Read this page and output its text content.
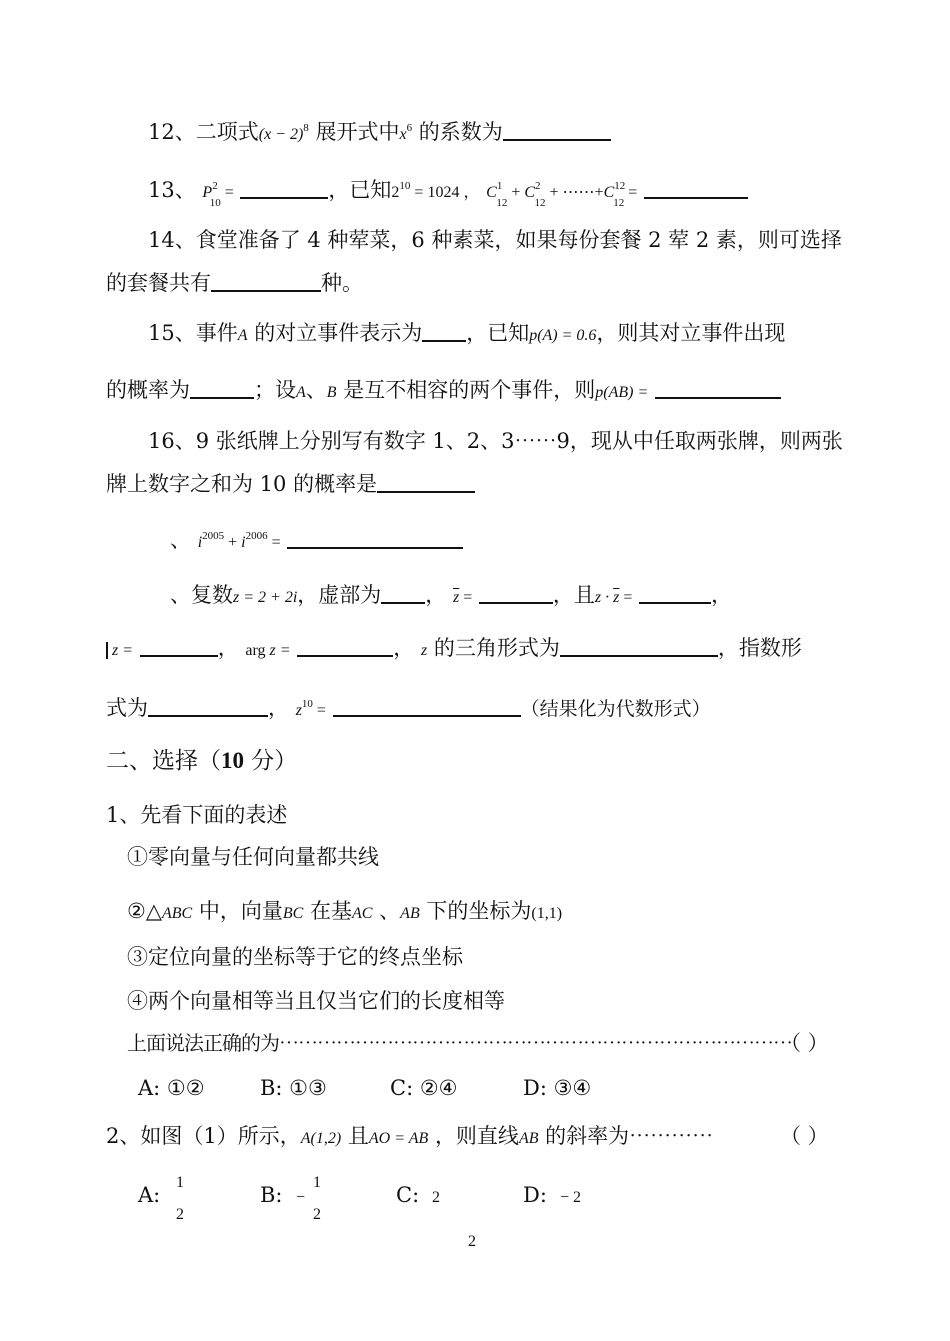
12、二项式$(x - 2)^8$ 展开式中$x^6$ 的系数为
13、 $P^2_{10}$ =	，已知$2^{10} = 1024$ ， $C^1_{12} + C^2_{12}$ + $\cdots\cdots+C^{12}_{12}$ =
14、食堂准备了 4 种荤菜，6 种素菜，如果每份套餐 2 荤 2 素，则可选择
的套餐共有	种。
15、事件A 的对立事件表示为 ，已知p(A) = 0.6，则其对立事件出现
的概率为	；设A、B 是互不相容的两个事件，则p(AB) =
16、9 张纸牌上分别写有数字 1、2、3⋯⋯9，现从中任取两张牌，则两张
牌上数字之和为 10 的概率是
、 $i^{2005} + i^{2006}$ =
、复数z = 2 + 2i，虚部为 ， $\overline{z}$ =	，且$z \cdot \overline{z}$ =	，
z =	， arg z =	， z 的三角形式为	，指数形
式为	， $z^{10}$ =	（结果化为代数形式）
二、选择（10 分）
1、先看下面的表述
①零向量与任何向量都共线
②△ABC 中，向量BC 在基AC 、AB 下的坐标为(1,1)
③定位向量的坐标等于它的终点坐标
④两个向量相等当且仅当它们的长度相等
上面说法正确的为⋯⋯⋯⋯⋯⋯⋯⋯⋯⋯⋯⋯⋯⋯⋯⋯⋯⋯⋯⋯⋯⋯⋯⋯⋯⋯⋯
（ ）
A: ①②	B: ①③	C: ②④	D: ③④
2、如图（1）所示，A(1,2) 且AO = AB ，则直线AB 的斜率为⋯⋯⋯⋯	（ ）
A:
1
2
B: −
1
2
C: 2	D: − 2
2
